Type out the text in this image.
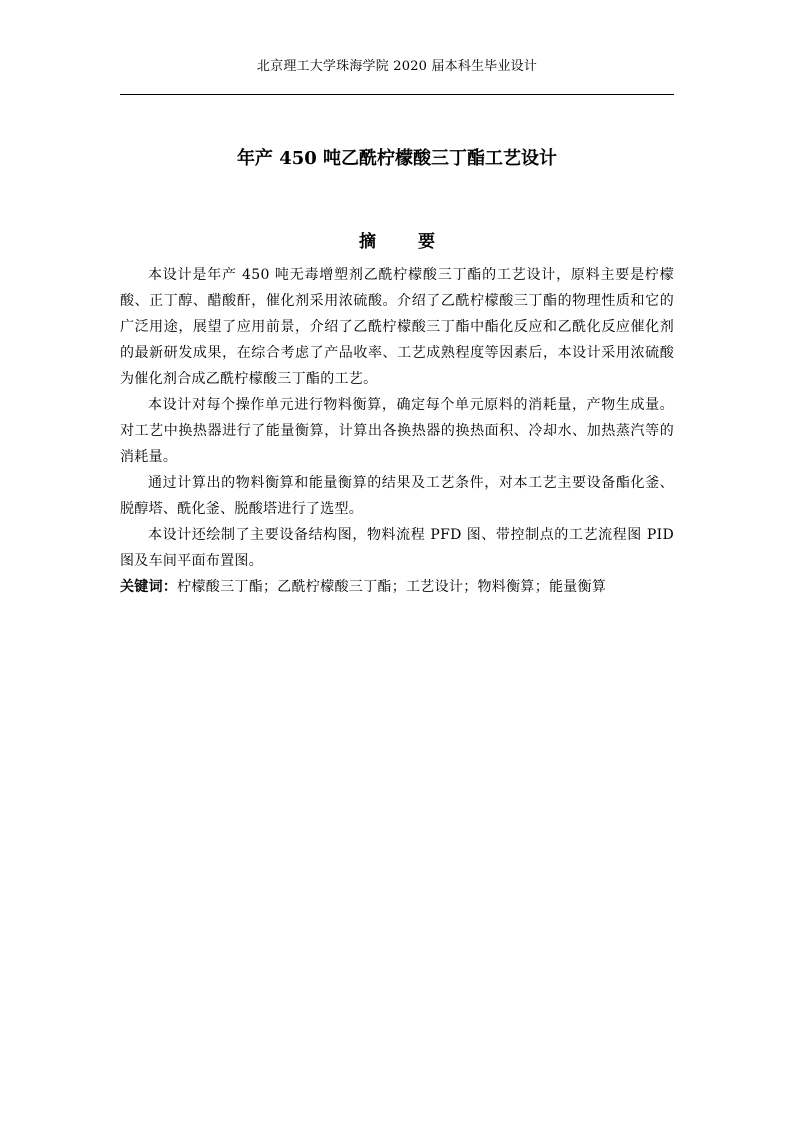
北京理工大学珠海学院 2020 届本科生毕业设计
年产 450 吨乙酰柠檬酸三丁酯工艺设计
摘 要

本设计是年产 450 吨无毒增塑剂乙酰柠檬酸三丁酯的工艺设计，原料主要是柠檬酸、正丁醇、醋酸酐，催化剂采用浓硫酸。介绍了乙酰柠檬酸三丁酯的物理性质和它的广泛用途，展望了应用前景，介绍了乙酰柠檬酸三丁酯中酯化反应和乙酰化反应催化剂的最新研发成果，在综合考虑了产品收率、工艺成熟程度等因素后，本设计采用浓硫酸为催化剂合成乙酰柠檬酸三丁酯的工艺。

本设计对每个操作单元进行物料衡算，确定每个单元原料的消耗量，产物生成量。对工艺中换热器进行了能量衡算，计算出各换热器的换热面积、冷却水、加热蒸汽等的消耗量。

通过计算出的物料衡算和能量衡算的结果及工艺条件，对本工艺主要设备酯化釜、脱醇塔、酰化釜、脱酸塔进行了选型。

本设计还绘制了主要设备结构图，物料流程 PFD 图、带控制点的工艺流程图 PID 图及车间平面布置图。

关键词：柠檬酸三丁酯；乙酰柠檬酸三丁酯；工艺设计；物料衡算；能量衡算
